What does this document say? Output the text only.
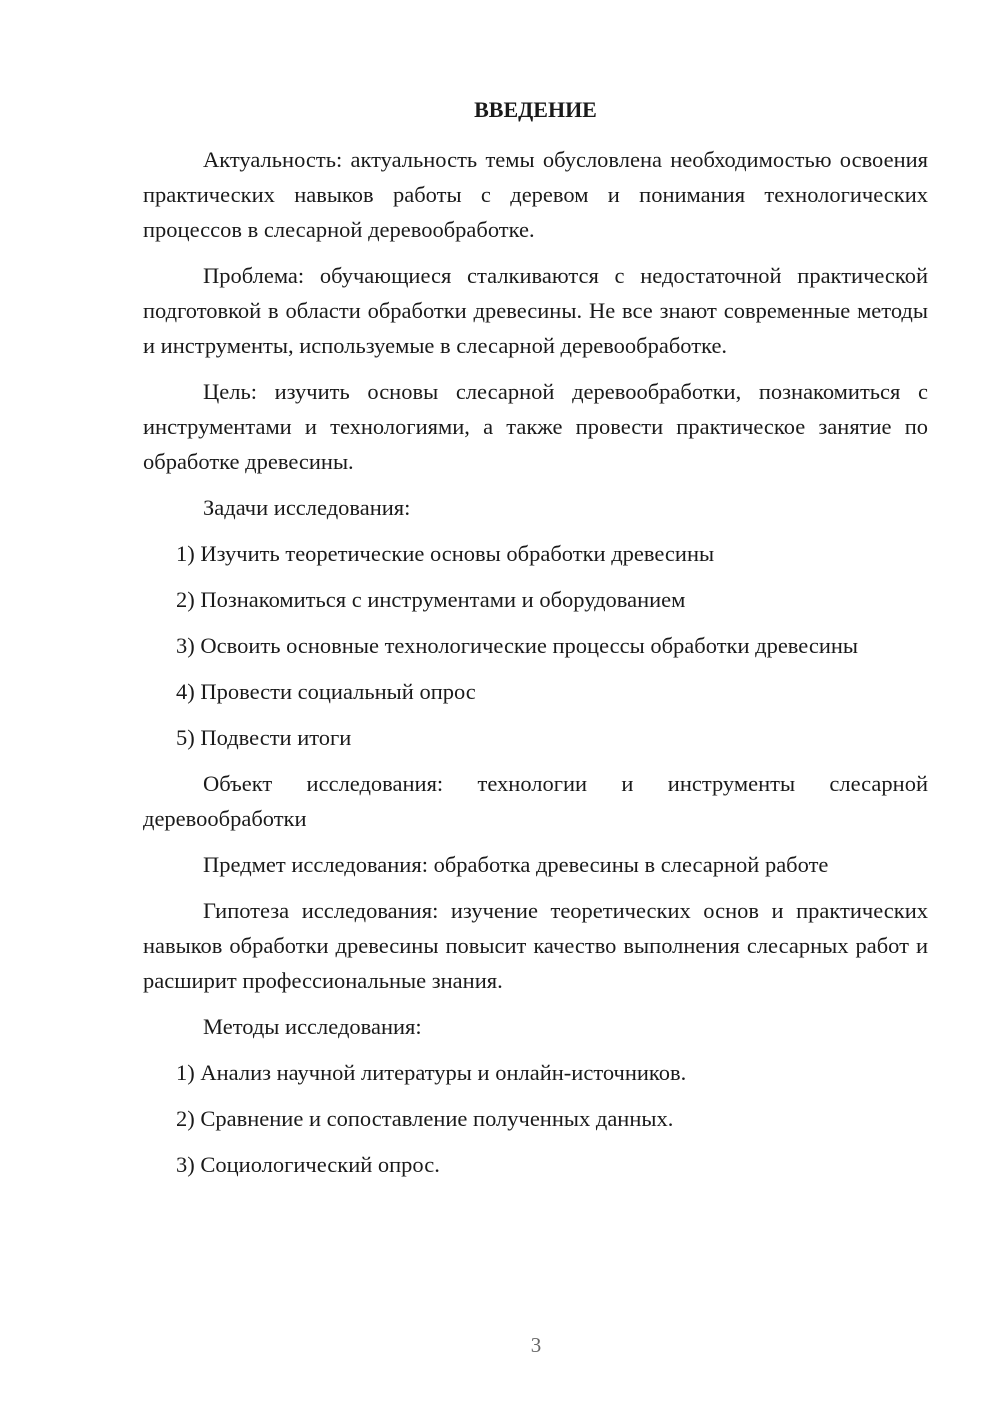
ВВЕДЕНИЕ

Актуальность: актуальность темы обусловлена необходимостью освоения практических навыков работы с деревом и понимания технологических процессов в слесарной деревообработке.

Проблема: обучающиеся сталкиваются с недостаточной практической подготовкой в области обработки древесины. Не все знают современные методы и инструменты, используемые в слесарной деревообработке.

Цель: изучить основы слесарной деревообработки, познакомиться с инструментами и технологиями, а также провести практическое занятие по обработке древесины.

Задачи исследования:

1) Изучить теоретические основы обработки древесины
2) Познакомиться с инструментами и оборудованием
3) Освоить основные технологические процессы обработки древесины
4) Провести социальный опрос
5) Подвести итоги

Объект исследования: технологии и инструменты слесарной деревообработки

Предмет исследования: обработка древесины в слесарной работе

Гипотеза исследования: изучение теоретических основ и практических навыков обработки древесины повысит качество выполнения слесарных работ и расширит профессиональные знания.

Методы исследования:

1) Анализ научной литературы и онлайн-источников.
2) Сравнение и сопоставление полученных данных.
3) Социологический опрос.
3
